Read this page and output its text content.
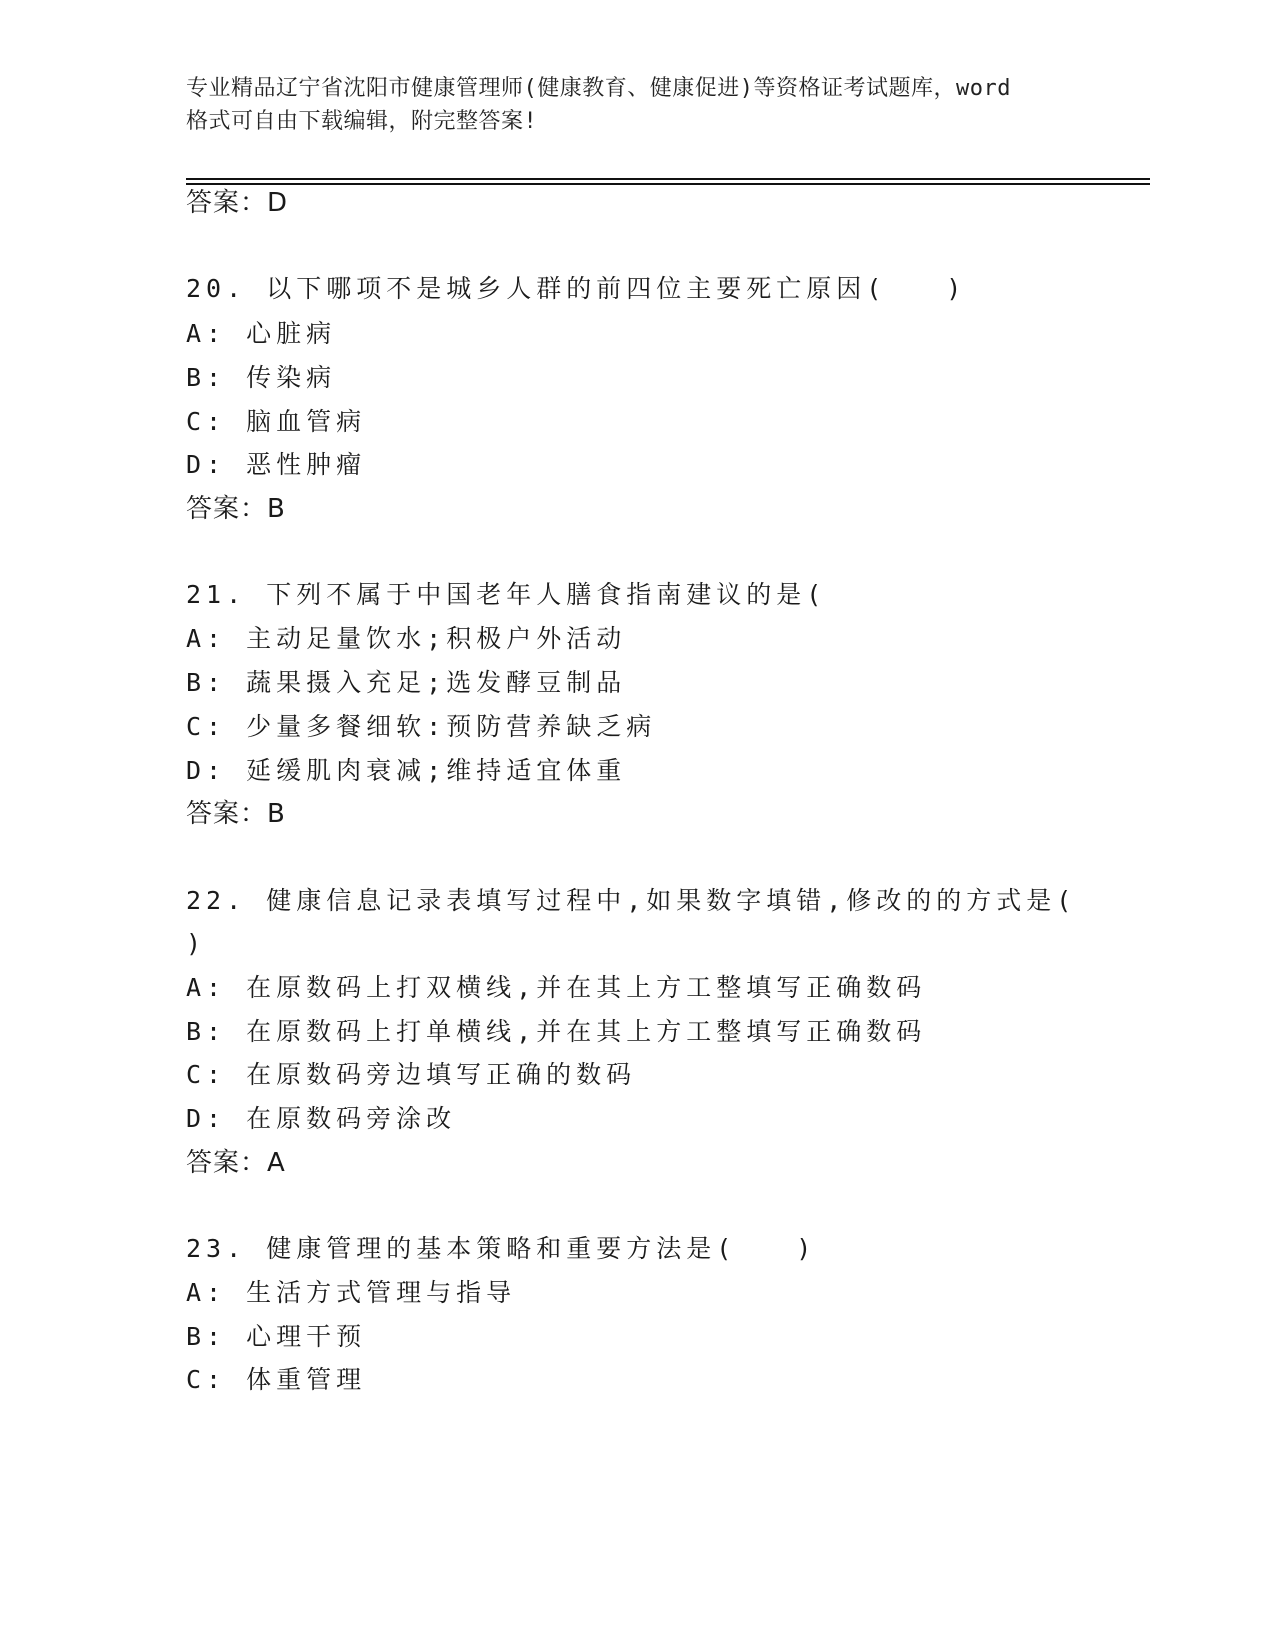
专业精品辽宁省沈阳市健康管理师(健康教育、健康促进)等资格证考试题库，word
格式可自由下载编辑，附完整答案!
答案：D
20. 以下哪项不是城乡人群的前四位主要死亡原因(　　)
A: 心脏病
B: 传染病
C: 脑血管病
D: 恶性肿瘤
答案：B
21. 下列不属于中国老年人膳食指南建议的是(
A: 主动足量饮水;积极户外活动
B: 蔬果摄入充足;选发酵豆制品
C: 少量多餐细软:预防营养缺乏病
D: 延缓肌肉衰减;维持适宜体重
答案：B
22. 健康信息记录表填写过程中,如果数字填错,修改的的方式是(
)
A: 在原数码上打双横线,并在其上方工整填写正确数码
B: 在原数码上打单横线,并在其上方工整填写正确数码
C: 在原数码旁边填写正确的数码
D: 在原数码旁涂改
答案：A
23. 健康管理的基本策略和重要方法是(　　)
A: 生活方式管理与指导
B: 心理干预
C: 体重管理
